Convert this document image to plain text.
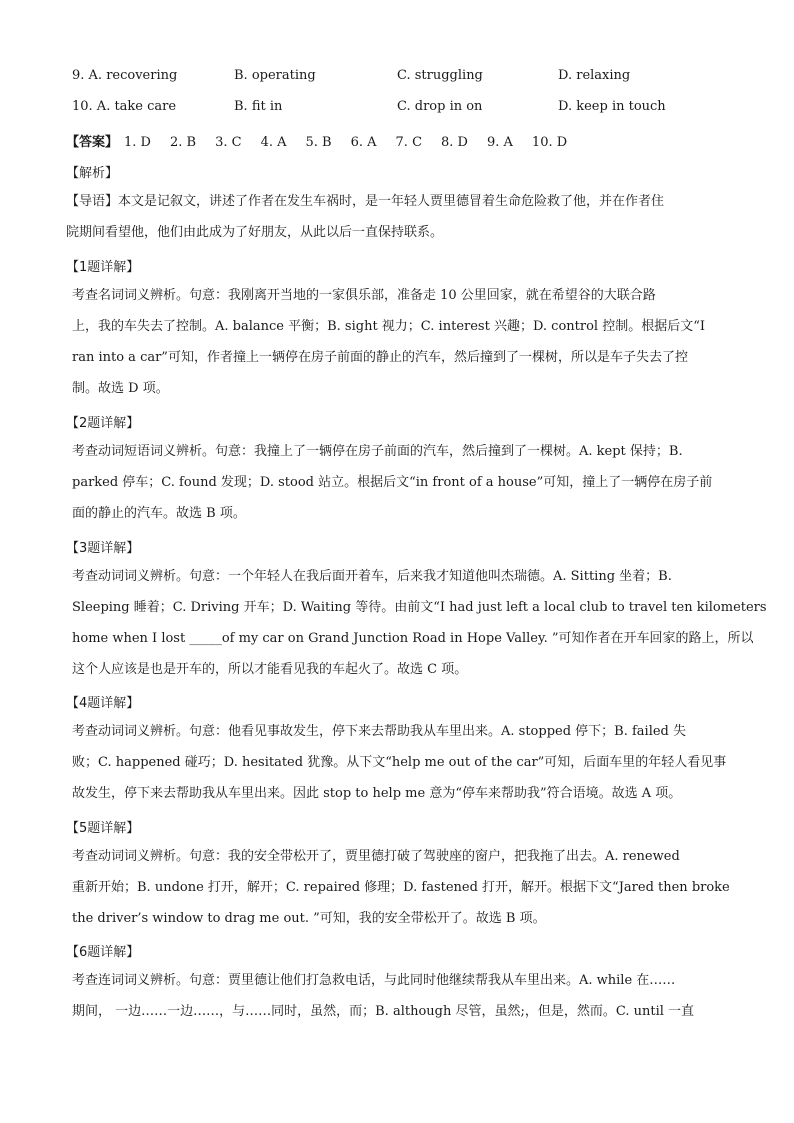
9. A. recovering	B. operating	C. struggling	D. relaxing
10. A. take care	B. fit in	C. drop in on	D. keep in touch
【答案】 1. D 2. B 3. C 4. A 5. B 6. A 7. C 8. D 9. A 10. D
【解析】
【导语】本文是记叙文，讲述了作者在发生车祸时，是一年轻人贾里德冒着生命危险救了他，并在作者住
院期间看望他，他们由此成为了好朋友，从此以后一直保持联系。
【1题详解】
考查名词词义辨析。句意：我刚离开当地的一家俱乐部，准备走 10 公里回家，就在希望谷的大联合路
上，我的车失去了控制。A. balance 平衡；B. sight 视力；C. interest 兴趣；D. control 控制。根据后文“I
ran into a car”可知，作者撞上一辆停在房子前面的静止的汽车，然后撞到了一棵树，所以是车子失去了控
制。故选 D 项。
【2题详解】
考查动词短语词义辨析。句意：我撞上了一辆停在房子前面的汽车，然后撞到了一棵树。A. kept 保持；B.
parked 停车；C. found 发现；D. stood 站立。根据后文“in front of a house”可知，撞上了一辆停在房子前
面的静止的汽车。故选 B 项。
【3题详解】
考查动词词义辨析。句意：一个年轻人在我后面开着车，后来我才知道他叫杰瑞德。A. Sitting 坐着；B.
Sleeping 睡着；C. Driving 开车；D. Waiting 等待。由前文“I had just left a local club to travel ten kilometers
home when I lost _____of my car on Grand Junction Road in Hope Valley. ”可知作者在开车回家的路上，所以
这个人应该是也是开车的，所以才能看见我的车起火了。故选 C 项。
【4题详解】
考查动词词义辨析。句意：他看见事故发生，停下来去帮助我从车里出来。A. stopped 停下；B. failed 失
败；C. happened 碰巧；D. hesitated 犹豫。从下文“help me out of the car”可知，后面车里的年轻人看见事
故发生，停下来去帮助我从车里出来。因此 stop to help me 意为“停车来帮助我”符合语境。故选 A 项。
【5题详解】
考查动词词义辨析。句意：我的安全带松开了，贾里德打破了驾驶座的窗户，把我拖了出去。A. renewed
重新开始；B. undone 打开，解开；C. repaired 修理；D. fastened 打开，解开。根据下文“Jared then broke
the driver’s window to drag me out. ”可知，我的安全带松开了。故选 B 项。
【6题详解】
考查连词词义辨析。句意：贾里德让他们打急救电话，与此同时他继续帮我从车里出来。A. while 在……
期间， 一边……一边……，与……同时，虽然，而；B. although 尽管，虽然;，但是，然而。C. until 一直
